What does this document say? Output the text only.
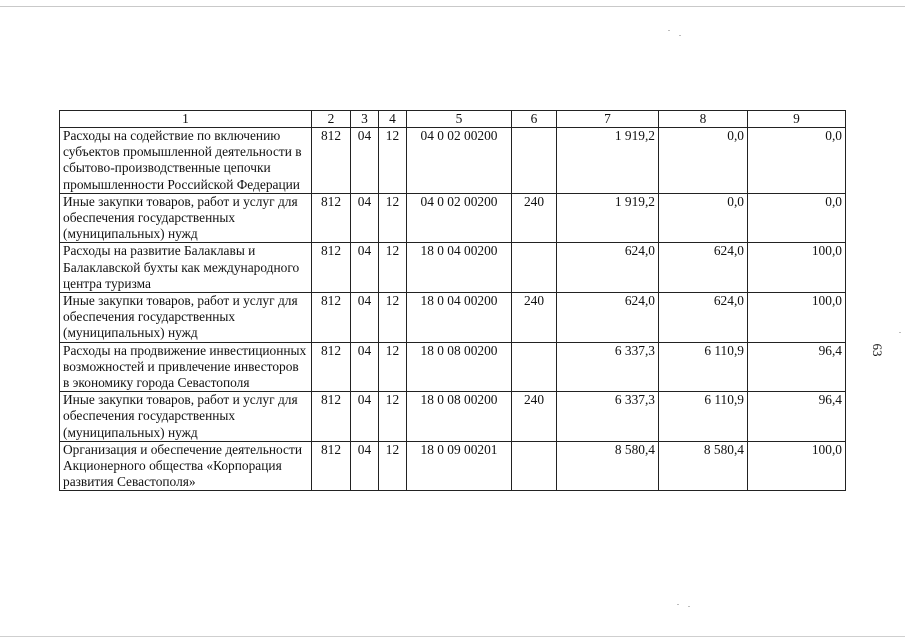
1	2	3	4	5	6	7	8	9
Расходы на содействие по включению субъектов промышленной деятельности в сбытово-производственные цепочки промышленности Российской Федерации	812	04	12	04 0 02 00200		1 919,2	0,0	0,0
Иные закупки товаров, работ и услуг для обеспечения государственных (муниципальных) нужд	812	04	12	04 0 02 00200	240	1 919,2	0,0	0,0
Расходы на развитие Балаклавы и Балаклавской бухты как международного центра туризма	812	04	12	18 0 04 00200		624,0	624,0	100,0
Иные закупки товаров, работ и услуг для обеспечения государственных (муниципальных) нужд	812	04	12	18 0 04 00200	240	624,0	624,0	100,0
Расходы на продвижение инвестиционных возможностей и привлечение инвесторов в экономику города Севастополя	812	04	12	18 0 08 00200		6 337,3	6 110,9	96,4
Иные закупки товаров, работ и услуг для обеспечения государственных (муниципальных) нужд	812	04	12	18 0 08 00200	240	6 337,3	6 110,9	96,4
Организация и обеспечение деятельности Акционерного общества «Корпорация развития Севастополя»	812	04	12	18 0 09 00201		8 580,4	8 580,4	100,0
63
